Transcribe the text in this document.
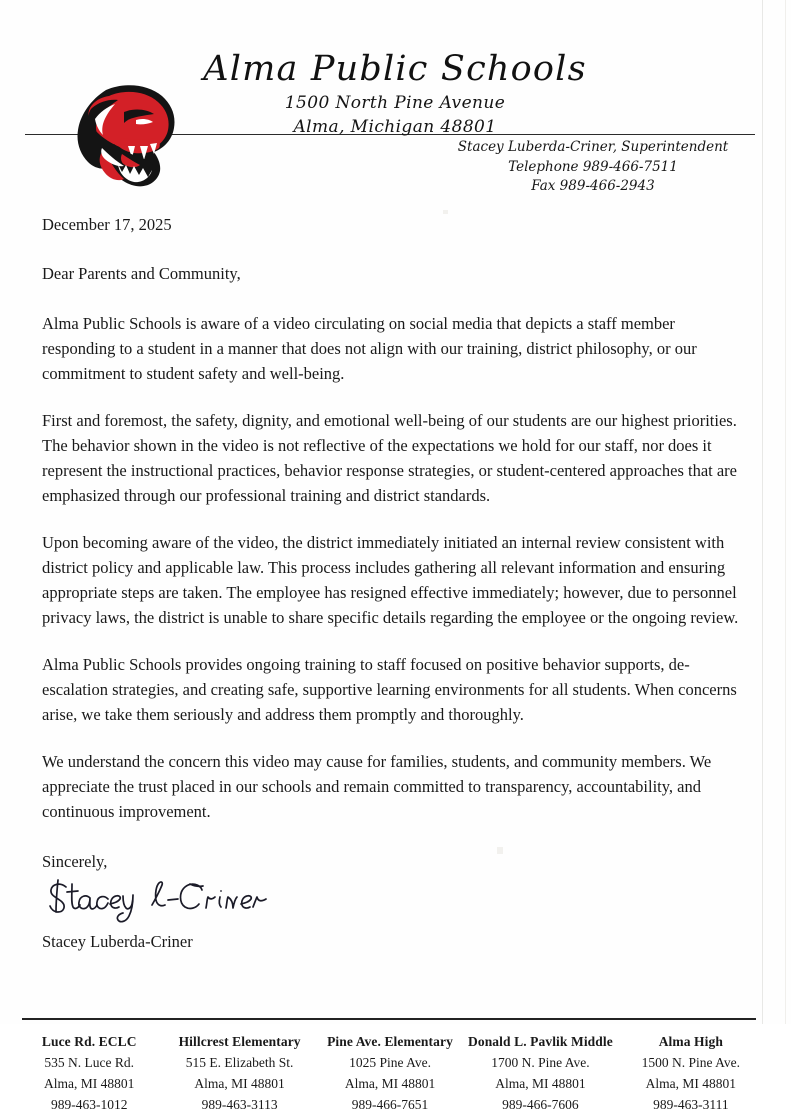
Alma Public Schools
1500 North Pine Avenue
Alma, Michigan 48801
Stacey Luberda-Criner, Superintendent
Telephone 989-466-7511
Fax 989-466-2943
December 17, 2025
Dear Parents and Community,

Alma Public Schools is aware of a video circulating on social media that depicts a staff member responding to a student in a manner that does not align with our training, district philosophy, or our commitment to student safety and well-being.

First and foremost, the safety, dignity, and emotional well-being of our students are our highest priorities. The behavior shown in the video is not reflective of the expectations we hold for our staff, nor does it represent the instructional practices, behavior response strategies, or student-centered approaches that are emphasized through our professional training and district standards.

Upon becoming aware of the video, the district immediately initiated an internal review consistent with district policy and applicable law. This process includes gathering all relevant information and ensuring appropriate steps are taken. The employee has resigned effective immediately; however, due to personnel privacy laws, the district is unable to share specific details regarding the employee or the ongoing review.

Alma Public Schools provides ongoing training to staff focused on positive behavior supports, de-escalation strategies, and creating safe, supportive learning environments for all students. When concerns arise, we take them seriously and address them promptly and thoroughly.

We understand the concern this video may cause for families, students, and community members. We appreciate the trust placed in our schools and remain committed to transparency, accountability, and continuous improvement.

Sincerely,
Stacey Luberda-Criner
Luce Rd. ECLC
535 N. Luce Rd.
Alma, MI 48801
989-463-1012
Hillcrest Elementary
515 E. Elizabeth St.
Alma, MI 48801
989-463-3113
Pine Ave. Elementary
1025 Pine Ave.
Alma, MI 48801
989-466-7651
Donald L. Pavlik Middle
1700 N. Pine Ave.
Alma, MI 48801
989-466-7606
Alma High
1500 N. Pine Ave.
Alma, MI 48801
989-463-3111
